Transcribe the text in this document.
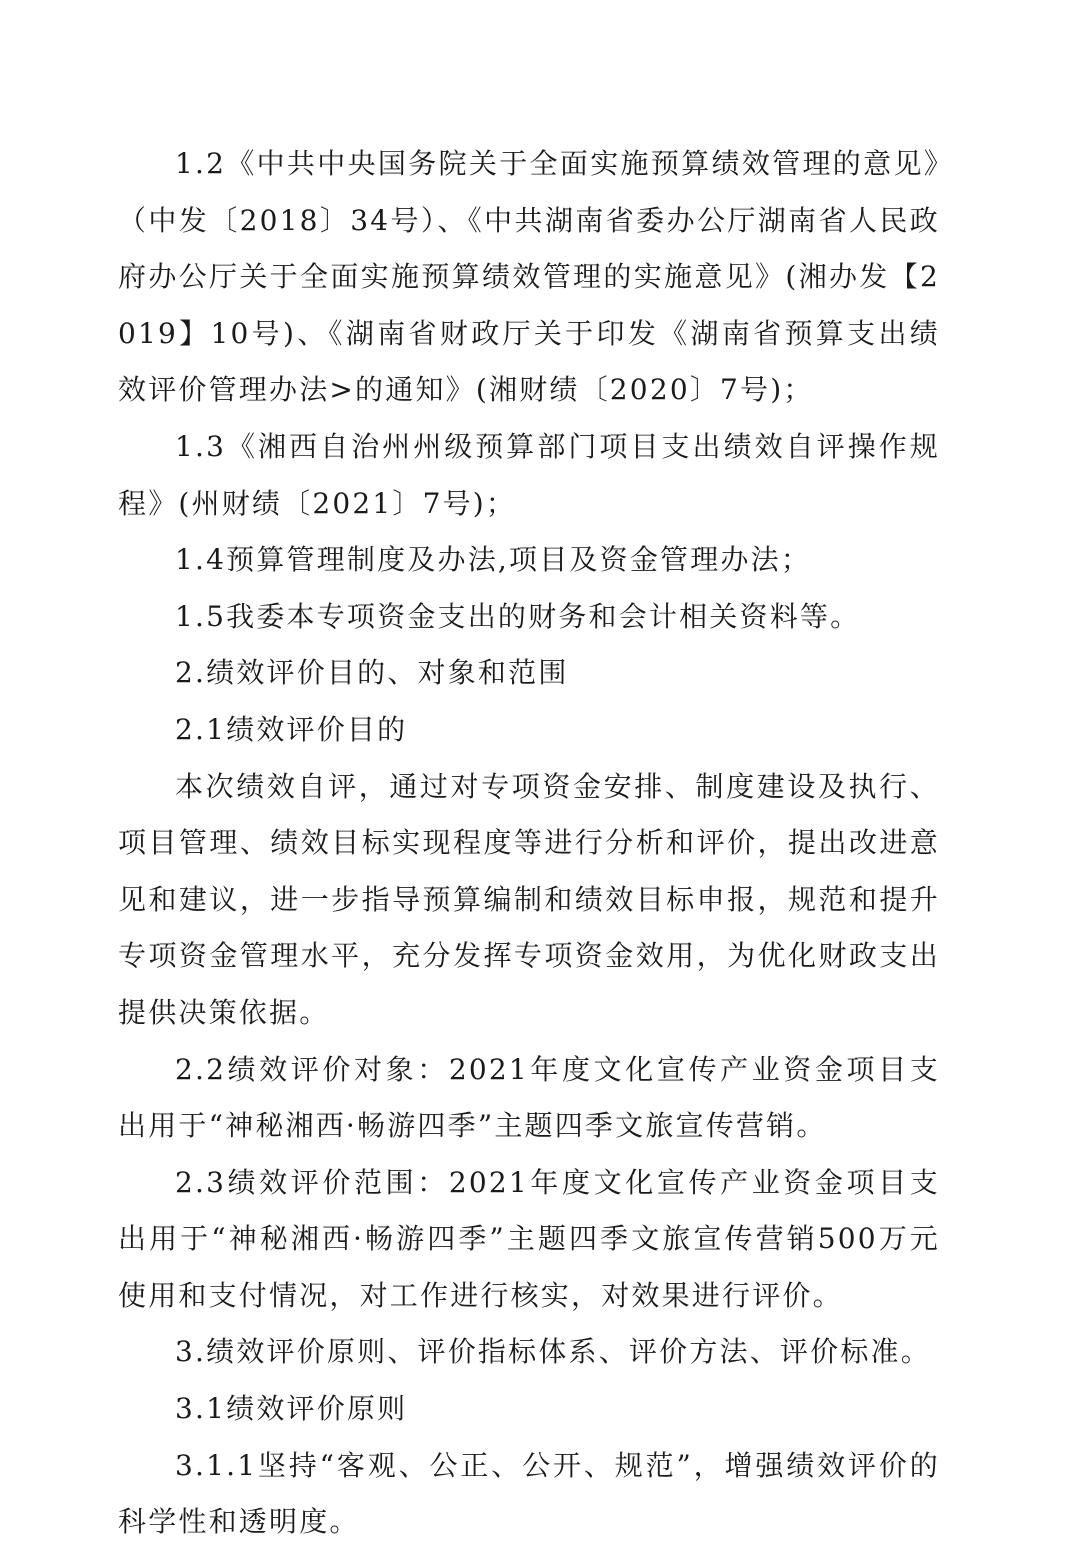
1.2《中共中央国务院关于全面实施预算绩效管理的意见》（中发〔2018〕34号）、《中共湖南省委办公厅湖南省人民政府办公厅关于全面实施预算绩效管理的实施意见》(湘办发【2019】10号)、《湖南省财政厅关于印发《湖南省预算支出绩效评价管理办法>的通知》(湘财绩〔2020〕7号)；

1.3《湘西自治州州级预算部门项目支出绩效自评操作规程》(州财绩〔2021〕7号)；

1.4预算管理制度及办法,项目及资金管理办法；

1.5我委本专项资金支出的财务和会计相关资料等。

2.绩效评价目的、对象和范围

2.1绩效评价目的

本次绩效自评，通过对专项资金安排、制度建设及执行、项目管理、绩效目标实现程度等进行分析和评价，提出改进意见和建议，进一步指导预算编制和绩效目标申报，规范和提升专项资金管理水平，充分发挥专项资金效用，为优化财政支出提供决策依据。

2.2绩效评价对象：2021年度文化宣传产业资金项目支出用于“神秘湘西·畅游四季”主题四季文旅宣传营销。

2.3绩效评价范围：2021年度文化宣传产业资金项目支出用于“神秘湘西·畅游四季”主题四季文旅宣传营销500万元使用和支付情况，对工作进行核实，对效果进行评价。

3.绩效评价原则、评价指标体系、评价方法、评价标准。

3.1绩效评价原则

3.1.1坚持“客观、公正、公开、规范”，增强绩效评价的科学性和透明度。
